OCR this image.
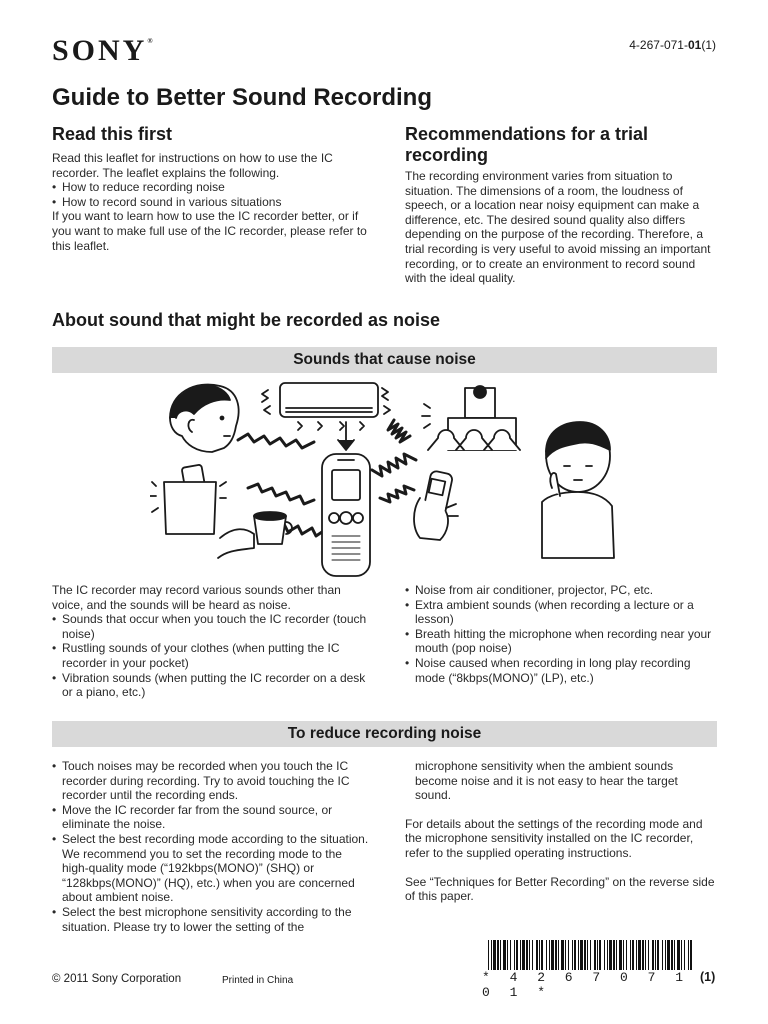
SONY®	4-267-071-01(1)
Guide to Better Sound Recording
Read this first

Read this leaflet for instructions on how to use the IC recorder. The leaflet explains the following.

• How to reduce recording noise
• How to record sound in various situations

If you want to learn how to use the IC recorder better, or if you want to make full use of the IC recorder, please refer to this leaflet.

Recommendations for a trial recording
The recording environment varies from situation to situation. The dimensions of a room, the loudness of speech, or a location near noisy equipment can make a difference, etc. The desired sound quality also differs depending on the purpose of the recording. Therefore, a trial recording is very useful to avoid missing an important recording, or to create an environment to record sound with the ideal quality.
About sound that might be recorded as noise
Sounds that cause noise

The IC recorder may record various sounds other than voice, and the sounds will be heard as noise.

• Sounds that occur when you touch the IC recorder (touch noise)
• Rustling sounds of your clothes (when putting the IC recorder in your pocket)
• Vibration sounds (when putting the IC recorder on a desk or a piano, etc.)
• Noise from air conditioner, projector, PC, etc.
• Extra ambient sounds (when recording a lecture or a lesson)
• Breath hitting the microphone when recording near your mouth (pop noise)
• Noise caused when recording in long play recording mode (“8kbps(MONO)” (LP), etc.)
To reduce recording noise
• Touch noises may be recorded when you touch the IC recorder during recording. Try to avoid touching the IC recorder until the recording ends.
• Move the IC recorder far from the sound source, or eliminate the noise.
• Select the best recording mode according to the situation. We recommend you to set the recording mode to the high-quality mode (“192kbps(MONO)” (SHQ) or “128kbps(MONO)” (HQ), etc.) when you are concerned about ambient noise.
• Select the best microphone sensitivity according to the situation. Please try to lower the setting of the

microphone sensitivity when the ambient sounds become noise and it is not easy to hear the target sound.

For details about the settings of the recording mode and the microphone sensitivity installed on the IC recorder, refer to the supplied operating instructions.

See “Techniques for Better Recording” on the reverse side of this paper.

© 2011 Sony Corporation	Printed in China	* 4 2 6 7 0 7 1 0 1 *
(1)
